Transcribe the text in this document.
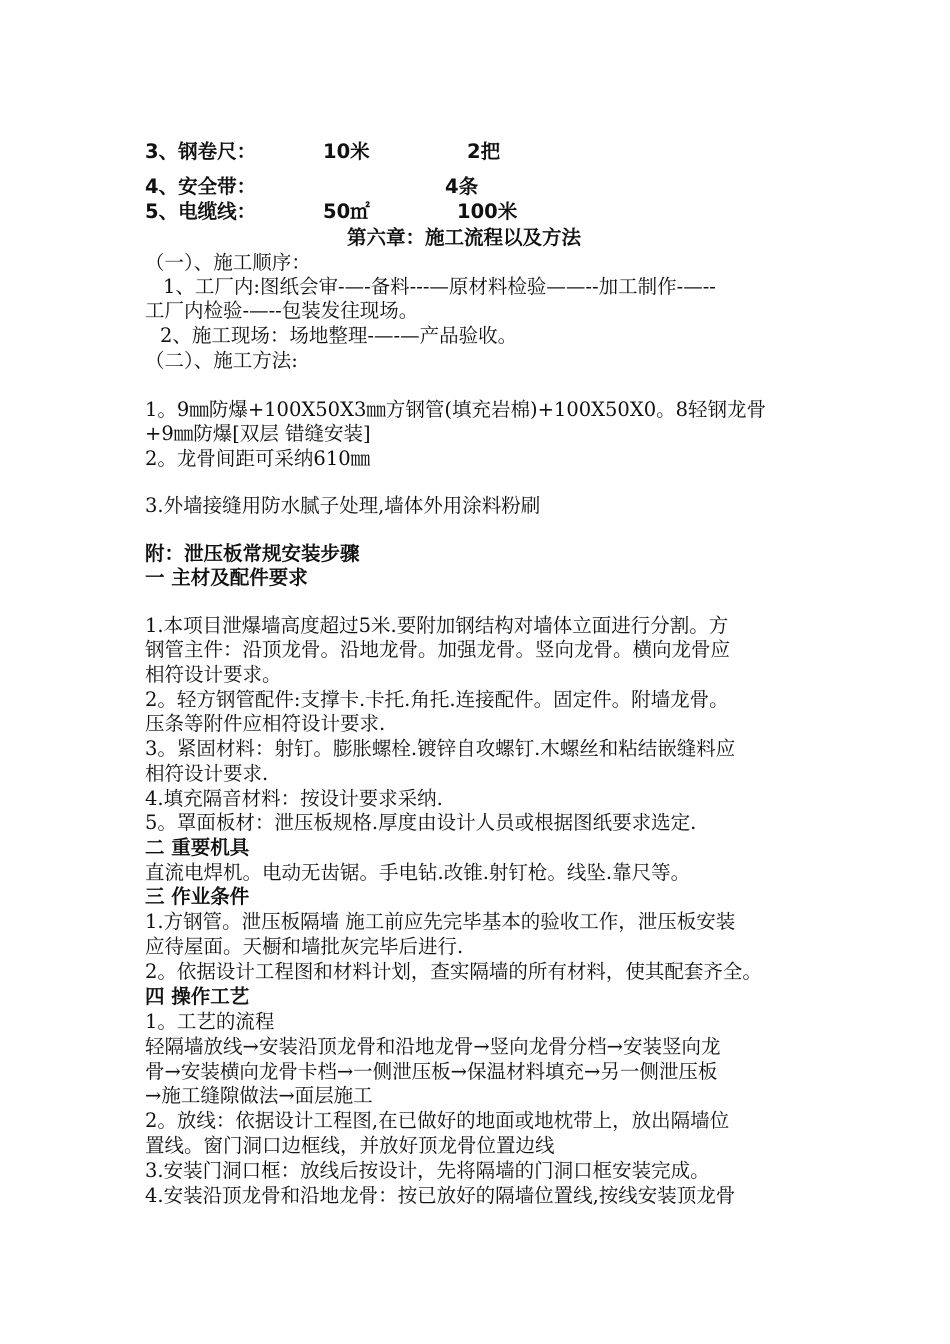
3、钢卷尺：	10米	2把
4、安全带：	4条
5、电缆线：	50㎡	100米
第六章：施工流程以及方法
（一）、施工顺序：
1、工厂内:图纸会审-—-备料---—原材料检验——--加工制作-—--
工厂内检验-—--包装发往现场。
2、施工现场：场地整理-—-—产品验收。
（二）、施工方法:
1。9㎜防爆+100X50X3㎜方钢管(填充岩棉)+100X50X0。8轻钢龙骨
+9㎜防爆[双层 错缝安装]
2。龙骨间距可采纳610㎜
3.外墙接缝用防水腻子处理,墙体外用涂料粉刷
附：泄压板常规安装步骤
一 主材及配件要求
1.本项目泄爆墙高度超过5米.要附加钢结构对墙体立面进行分割。方
钢管主件：沿顶龙骨。沿地龙骨。加强龙骨。竖向龙骨。横向龙骨应
相符设计要求。
2。轻方钢管配件:支撑卡.卡托.角托.连接配件。固定件。附墙龙骨。
压条等附件应相符设计要求.
3。紧固材料：射钉。膨胀螺栓.镀锌自攻螺钉.木螺丝和粘结嵌缝料应
相符设计要求.
4.填充隔音材料：按设计要求采纳.
5。罩面板材：泄压板规格.厚度由设计人员或根据图纸要求选定.
二 重要机具
直流电焊机。电动无齿锯。手电钻.改锥.射钉枪。线坠.靠尺等。
三 作业条件
1.方钢管。泄压板隔墙 施工前应先完毕基本的验收工作，泄压板安装
应待屋面。天橱和墙批灰完毕后进行.
2。依据设计工程图和材料计划，查实隔墙的所有材料，使其配套齐全。
四 操作工艺
1。工艺的流程
轻隔墙放线→安装沿顶龙骨和沿地龙骨→竖向龙骨分档→安装竖向龙
骨→安装横向龙骨卡档→一侧泄压板→保温材料填充→另一侧泄压板
→施工缝隙做法→面层施工
2。放线：依据设计工程图,在已做好的地面或地枕带上，放出隔墙位
置线。窗门洞口边框线，并放好顶龙骨位置边线
3.安装门洞口框：放线后按设计，先将隔墙的门洞口框安装完成。
4.安装沿顶龙骨和沿地龙骨：按已放好的隔墙位置线,按线安装顶龙骨
